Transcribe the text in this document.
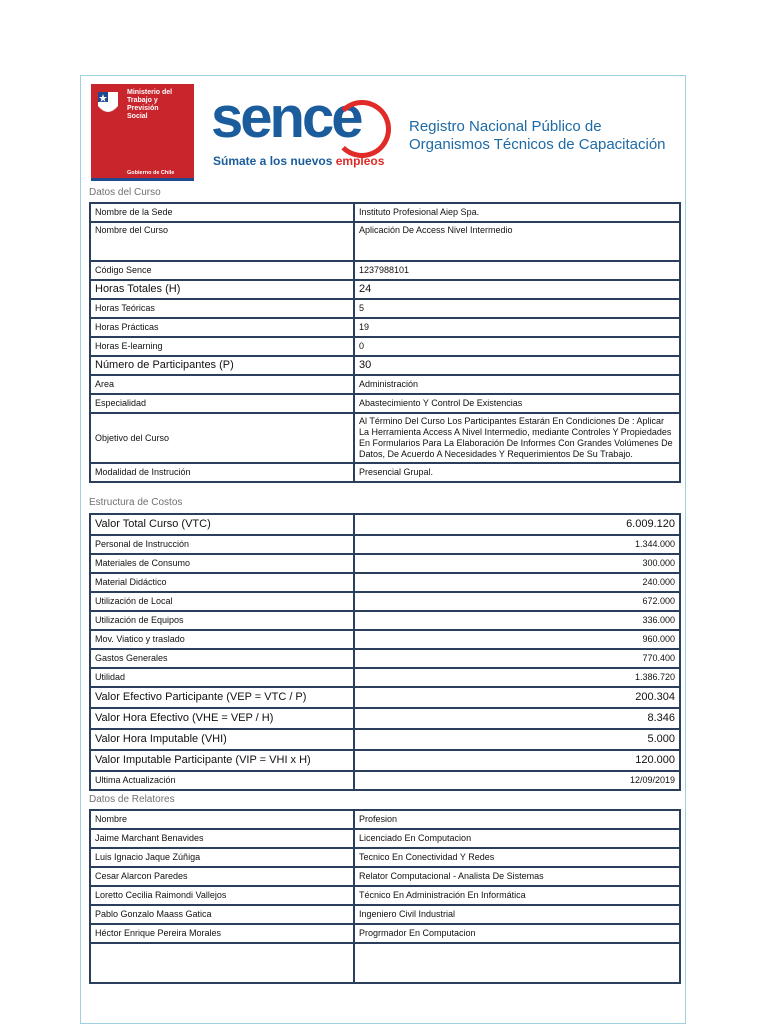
Ministerio del
Trabajo y
Previsión
Social
Gobierno de Chile
sence
Súmate a los nuevos empleos
Registro Nacional Público de
Organismos Técnicos de Capacitación
Datos del Curso
Nombre de la Sede	Instituto Profesional Aiep Spa.
Nombre del Curso	Aplicación De Access Nivel Intermedio
Código Sence	1237988101
Horas Totales (H)	24
Horas Teóricas	5
Horas Prácticas	19
Horas E-learning	0
Número de Participantes (P)	30
Area	Administración
Especialidad	Abastecimiento Y Control De Existencias
Objetivo del Curso	Al Término Del Curso Los Participantes Estarán En Condiciones De : Aplicar La Herramienta Access A Nivel Intermedio, mediante Controles Y Propiedades En Formularios Para La Elaboración De Informes Con Grandes Volúmenes De Datos, De Acuerdo A Necesidades Y Requerimientos De Su Trabajo.
Modalidad de Instrución	Presencial Grupal.
Estructura de Costos
Valor Total Curso (VTC)	6.009.120
Personal de Instrucción	1.344.000
Materiales de Consumo	300.000
Material Didáctico	240.000
Utilización de Local	672.000
Utilización de Equipos	336.000
Mov. Viatico y traslado	960.000
Gastos Generales	770.400
Utilidad	1.386.720
Valor Efectivo Participante (VEP = VTC / P)	200.304
Valor Hora Efectivo (VHE = VEP / H)	8.346
Valor Hora Imputable (VHI)	5.000
Valor Imputable Participante (VIP = VHI x H)	120.000
Ultima Actualización	12/09/2019
Datos de Relatores
Nombre	Profesion
Jaime Marchant Benavides	Licenciado En Computacion
Luis Ignacio Jaque Zúñiga	Tecnico En Conectividad Y Redes
Cesar Alarcon Paredes	Relator Computacional - Analista De Sistemas
Loretto Cecilia Raimondi Vallejos	Técnico En Administración En Informática
Pablo Gonzalo Maass Gatica	Ingeniero Civil Industrial
Héctor Enrique Pereira Morales	Progrmador En Computacion
